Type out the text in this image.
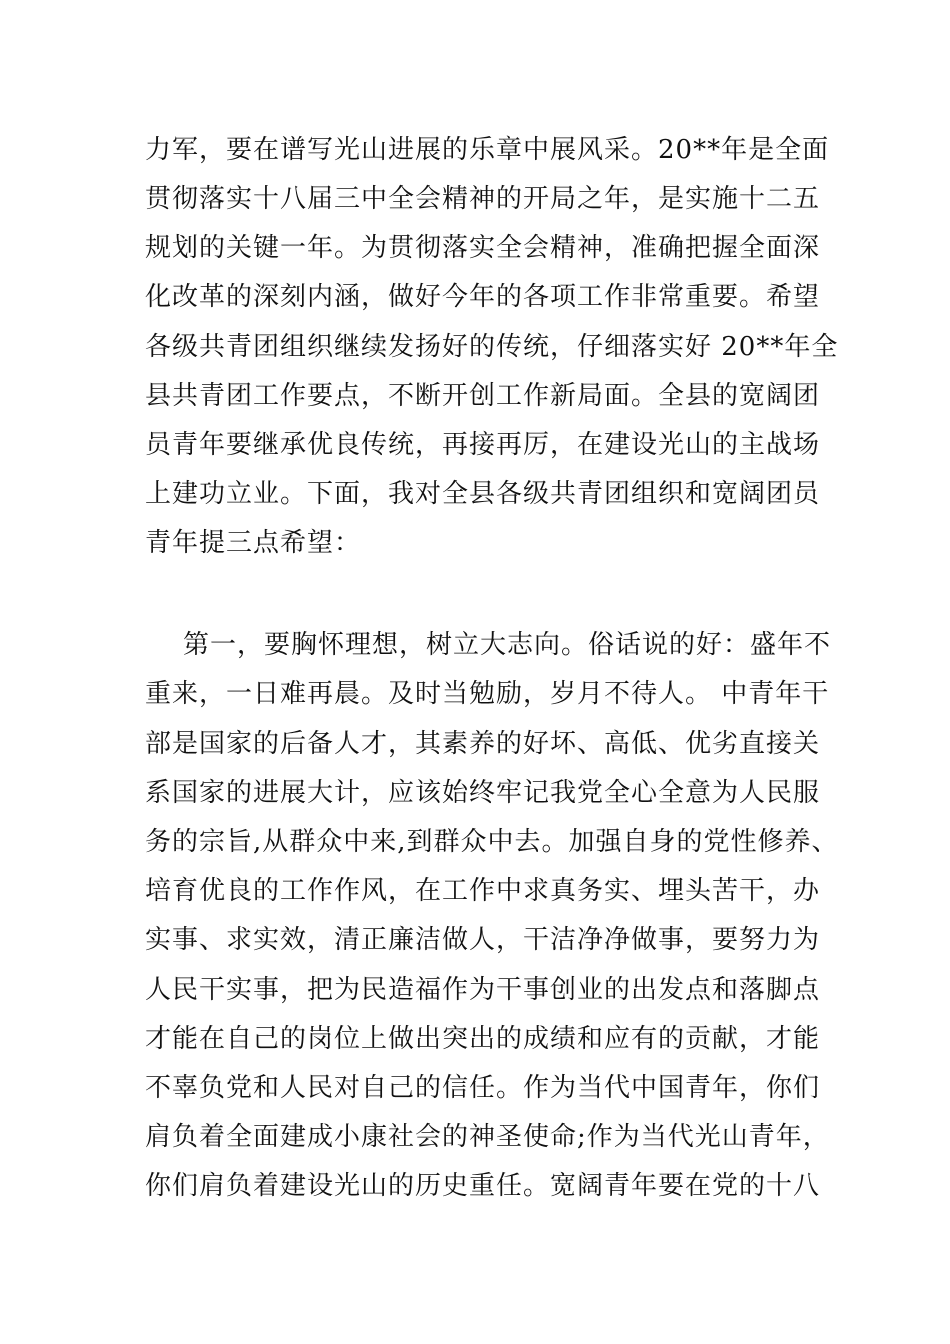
力军，要在谱写光山进展的乐章中展风采。20**年是全面
贯彻落实十八届三中全会精神的开局之年，是实施十二五
规划的关键一年。为贯彻落实全会精神，准确把握全面深
化改革的深刻内涵，做好今年的各项工作非常重要。希望
各级共青团组织继续发扬好的传统，仔细落实好 20**年全
县共青团工作要点，不断开创工作新局面。全县的宽阔团
员青年要继承优良传统，再接再厉，在建设光山的主战场
上建功立业。下面，我对全县各级共青团组织和宽阔团员
青年提三点希望：
第一，要胸怀理想，树立大志向。俗话说的好：盛年不
重来，一日难再晨。及时当勉励，岁月不待人。 中青年干
部是国家的后备人才，其素养的好坏、高低、优劣直接关
系国家的进展大计，应该始终牢记我党全心全意为人民服
务的宗旨,从群众中来,到群众中去。加强自身的党性修养、
培育优良的工作作风，在工作中求真务实、埋头苦干，办
实事、求实效，清正廉洁做人，干洁净净做事，要努力为
人民干实事，把为民造福作为干事创业的出发点和落脚点
才能在自己的岗位上做出突出的成绩和应有的贡献，才能
不辜负党和人民对自己的信任。作为当代中国青年，你们
肩负着全面建成小康社会的神圣使命;作为当代光山青年，
你们肩负着建设光山的历史重任。宽阔青年要在党的十八
